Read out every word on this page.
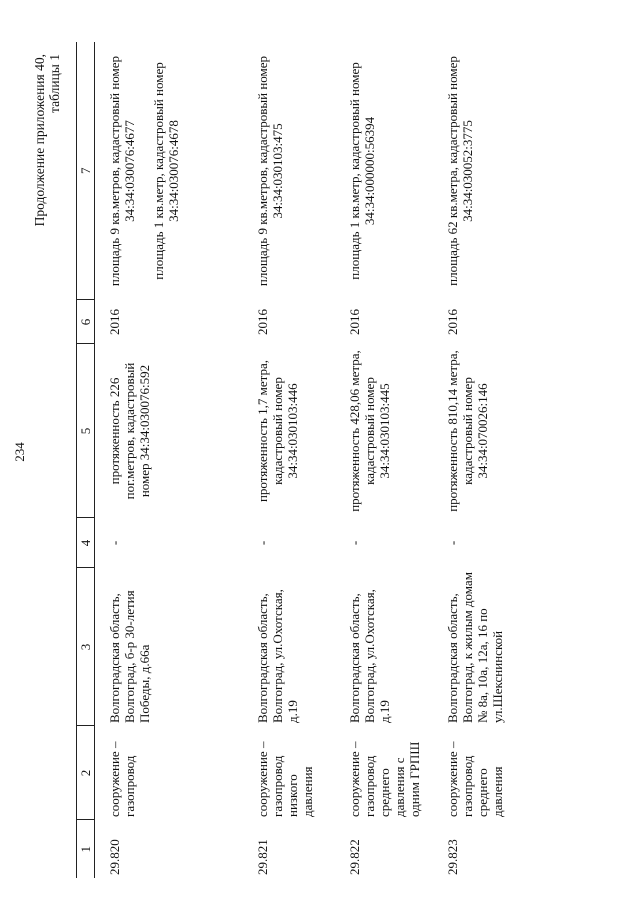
234
Продолжение приложения 40, таблицы 1
1	2	3	4	5	6	7
29.820	сооружение – газопровод	Волгоградская область, Волгоград, б-р 30-летия Победы, д.66а	-	протяженность 226 пог.метров, кадастровый номер 34:34:030076:592	2016	площадь 9 кв.метров, кадастровый номер 34:34:030076:4677 площадь 1 кв.метр, кадастровый номер 34:34:030076:4678

29.821	сооружение – газопровод низкого давления	Волгоградская область, Волгоград, ул.Охотская, д.19	-	протяженность 1,7 метра, кадастровый номер 34:34:030103:446	2016	площадь 9 кв.метров, кадастровый номер 34:34:030103:475

29.822	сооружение – газопровод среднего давления с одним ГРПШ	Волгоградская область, Волгоград, ул.Охотская, д.19	-	протяженность 428,06 метра, кадастровый номер 34:34:030103:445	2016	площадь 1 кв.метр, кадастровый номер 34:34:000000:56394

29.823	сооружение – газопровод среднего давления	Волгоградская область, Волгоград, к жилым домам № 8а, 10а, 12а, 16 по ул.Шекснинской	-	протяженность 810,14 метра, кадастровый номер 34:34:070026:146	2016	площадь 62 кв.метра, кадастровый номер 34:34:030052:3775
